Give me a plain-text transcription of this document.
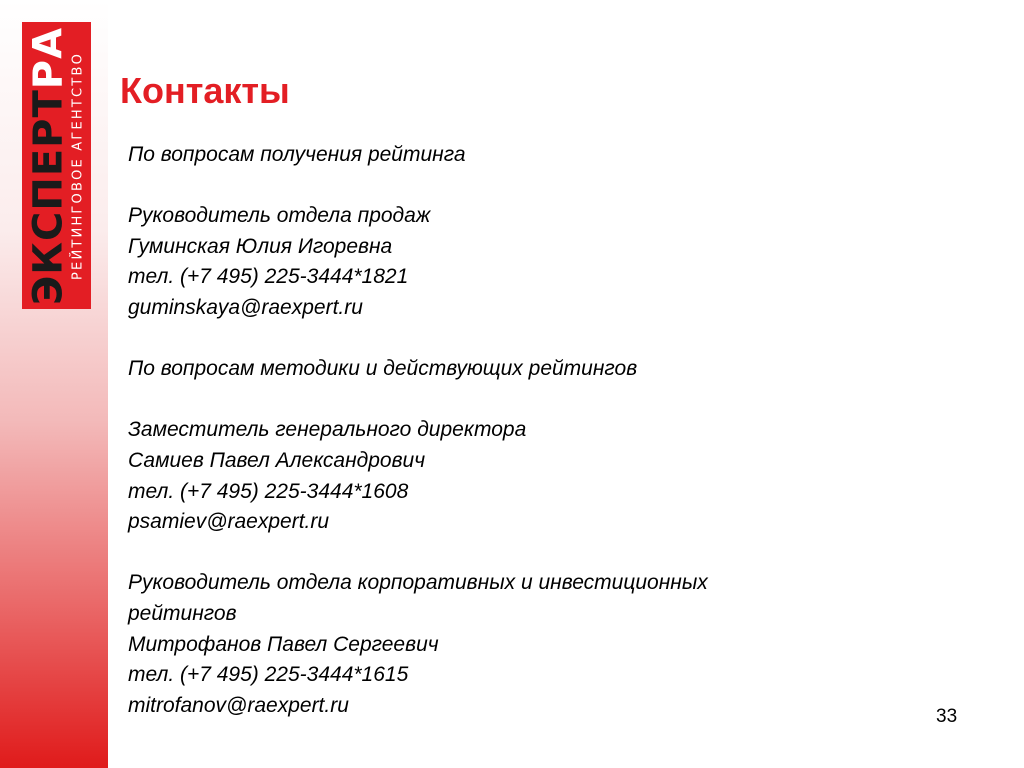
ЭКСПЕРТРА РЕЙТИНГОВОЕ АГЕНТСТВО Контакты

По вопросам получения рейтинга

Руководитель отдела продаж

Гуминская Юлия Игоревна

тел. (+7 495) 225-3444*1821

guminskaya@raexpert.ru

По вопросам методики и действующих рейтингов

Заместитель генерального директора

Самиев Павел Александрович

тел. (+7 495) 225-3444*1608

psamiev@raexpert.ru

Руководитель отдела корпоративных и инвестиционных

рейтингов

Митрофанов Павел Сергеевич

тел. (+7 495) 225-3444*1615

mitrofanov@raexpert.ru	33
